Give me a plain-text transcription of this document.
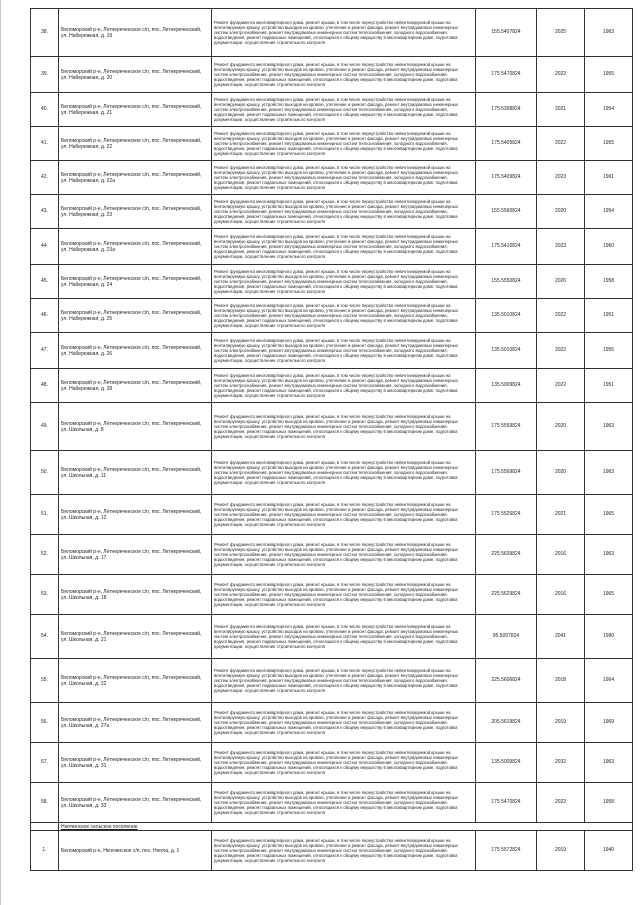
38.	Беломорский р-н, Летнереченское с/п, пос. Летнереченский, ул. Набережная, д. 19	Ремонт фундамента многоквартирного дома, ремонт крыши, в том числе переустройство невентилируемой крыши на вентилируемую крышу, устройство выходов на кровлю, утепление и ремонт фасада, ремонт внутридомовых инженерных систем электроснабжения, ремонт внутридомовых инженерных систем теплоснабжения, холодного водоснабжения, водоотведения, ремонт подвальных помещений, относящихся к общему имуществу в многоквартирном доме, подготовка документации, осуществление строительного контроля	155.5407824	2025	1963
39.	Беломорский р-н, Летнереченское с/п, пос. Летнереченский, ул. Набережная, д. 20	Ремонт фундамента многоквартирного дома, ремонт крыши, в том числе переустройство невентилируемой крыши на вентилируемую крышу, устройство выходов на кровлю, утепление и ремонт фасада, ремонт внутридомовых инженерных систем электроснабжения, ремонт внутридомовых инженерных систем теплоснабжения, холодного водоснабжения, водоотведения, ремонт подвальных помещений, относящихся к общему имуществу в многоквартирном доме, подготовка документации, осуществление строительного контроля	175.5470824	2022	1955
40.	Беломорский р-н, Летнереченское с/п, пос. Летнереченский, ул. Набережная, д. 21	Ремонт фундамента многоквартирного дома, ремонт крыши, в том числе переустройство невентилируемой крыши на вентилируемую крышу, устройство выходов на кровлю, утепление и ремонт фасада, ремонт внутридомовых инженерных систем электроснабжения, ремонт внутридомовых инженерных систем теплоснабжения, холодного водоснабжения, водоотведения, ремонт подвальных помещений, относящихся к общему имуществу в многоквартирном доме, подготовка документации, осуществление строительного контроля	175.5398824	2021	1954
41.	Беломорский р-н, Летнереченское с/п, пос. Летнереченский, ул. Набережная, д. 22	Ремонт фундамента многоквартирного дома, ремонт крыши, в том числе переустройство невентилируемой крыши на вентилируемую крышу, устройство выходов на кровлю, утепление и ремонт фасада, ремонт внутридомовых инженерных систем электроснабжения, ремонт внутридомовых инженерных систем теплоснабжения, холодного водоснабжения, водоотведения, ремонт подвальных помещений, относящихся к общему имуществу в многоквартирном доме, подготовка документации, осуществление строительного контроля	175.5405824	2022	1955
42.	Беломорский р-н, Летнереченское с/п, пос. Летнереченский, ул. Набережная, д. 22а	Ремонт фундамента многоквартирного дома, ремонт крыши, в том числе переустройство невентилируемой крыши на вентилируемую крышу, устройство выходов на кровлю, утепление и ремонт фасада, ремонт внутридомовых инженерных систем электроснабжения, ремонт внутридомовых инженерных систем теплоснабжения, холодного водоснабжения, водоотведения, ремонт подвальных помещений, относящихся к общему имуществу в многоквартирном доме, подготовка документации, осуществление строительного контроля	175.5409824	2023	1961
43.	Беломорский р-н, Летнереченское с/п, пос. Летнереченский, ул. Набережная, д. 23	Ремонт фундамента многоквартирного дома, ремонт крыши, в том числе переустройство невентилируемой крыши на вентилируемую крышу, устройство выходов на кровлю, утепление и ремонт фасада, ремонт внутридомовых инженерных систем электроснабжения, ремонт внутридомовых инженерных систем теплоснабжения, холодного водоснабжения, водоотведения, ремонт подвальных помещений, относящихся к общему имуществу в многоквартирном доме, подготовка документации, осуществление строительного контроля	155.5560824	2020	1954
44.	Беломорский р-н, Летнереченское с/п, пос. Летнереченский, ул. Набережная, д. 23а	Ремонт фундамента многоквартирного дома, ремонт крыши, в том числе переустройство невентилируемой крыши на вентилируемую крышу, устройство выходов на кровлю, утепление и ремонт фасада, ремонт внутридомовых инженерных систем электроснабжения, ремонт внутридомовых инженерных систем теплоснабжения, холодного водоснабжения, водоотведения, ремонт подвальных помещений, относящихся к общему имуществу в многоквартирном доме, подготовка документации, осуществление строительного контроля	175.5410824	2023	1960
45.	Беломорский р-н, Летнереченское с/п, пос. Летнереченский, ул. Набережная, д. 24	Ремонт фундамента многоквартирного дома, ремонт крыши, в том числе переустройство невентилируемой крыши на вентилируемую крышу, устройство выходов на кровлю, утепление и ремонт фасада, ремонт внутридомовых инженерных систем электроснабжения, ремонт внутридомовых инженерных систем теплоснабжения, холодного водоснабжения, водоотведения, ремонт подвальных помещений, относящихся к общему имуществу в многоквартирном доме, подготовка документации, осуществление строительного контроля	155.5550824	2026	1958
46.	Беломорский р-н, Летнереченское с/п, пос. Летнереченский, ул. Набережная, д. 25	Ремонт фундамента многоквартирного дома, ремонт крыши, в том числе переустройство невентилируемой крыши на вентилируемую крышу, устройство выходов на кровлю, утепление и ремонт фасада, ремонт внутридомовых инженерных систем электроснабжения, ремонт внутридомовых инженерных систем теплоснабжения, холодного водоснабжения, водоотведения, ремонт подвальных помещений, относящихся к общему имуществу в многоквартирном доме, подготовка документации, осуществление строительного контроля	135.5010824	2022	1951
47.	Беломорский р-н, Летнереченское с/п, пос. Летнереченский, ул. Набережная, д. 26	Ремонт фундамента многоквартирного дома, ремонт крыши, в том числе переустройство невентилируемой крыши на вентилируемую крышу, устройство выходов на кровлю, утепление и ремонт фасада, ремонт внутридомовых инженерных систем электроснабжения, ремонт внутридомовых инженерных систем теплоснабжения, холодного водоснабжения, водоотведения, ремонт подвальных помещений, относящихся к общему имуществу в многоквартирном доме, подготовка документации, осуществление строительного контроля	135.5010824	2022	1955
48.	Беломорский р-н, Летнереченское с/п, пос. Летнереченский, ул. Набережная, д. 28	Ремонт фундамента многоквартирного дома, ремонт крыши, в том числе переустройство невентилируемой крыши на вентилируемую крышу, устройство выходов на кровлю, утепление и ремонт фасада, ремонт внутридомовых инженерных систем электроснабжения, ремонт внутридомовых инженерных систем теплоснабжения, холодного водоснабжения, водоотведения, ремонт подвальных помещений, относящихся к общему имуществу в многоквартирном доме, подготовка документации, осуществление строительного контроля	135.5009824	2022	1951
49.	Беломорский р-н, Летнереченское с/п, пос. Летнереченский, ул. Школьная, д. 8	Ремонт фундамента многоквартирного дома, ремонт крыши, в том числе переустройство невентилируемой крыши на вентилируемую крышу, устройство выходов на кровлю, утепление и ремонт фасада, ремонт внутридомовых инженерных систем электроснабжения, ремонт внутридомовых инженерных систем теплоснабжения, холодного водоснабжения, водоотведения, ремонт подвальных помещений, относящихся к общему имуществу в многоквартирном доме, подготовка документации, осуществление строительного контроля	175.5559824	2020	1963
50.	Беломорский р-н, Летнереченское с/п, пос. Летнереченский, ул. Школьная, д. 11	Ремонт фундамента многоквартирного дома, ремонт крыши, в том числе переустройство невентилируемой крыши на вентилируемую крышу, устройство выходов на кровлю, утепление и ремонт фасада, ремонт внутридомовых инженерных систем электроснабжения, ремонт внутридомовых инженерных систем теплоснабжения, холодного водоснабжения, водоотведения, ремонт подвальных помещений, относящихся к общему имуществу в многоквартирном доме, подготовка документации, осуществление строительного контроля	175.5569824	2020	1963
51.	Беломорский р-н, Летнереченское с/п, пос. Летнереченский, ул. Школьная, д. 12	Ремонт фундамента многоквартирного дома, ремонт крыши, в том числе переустройство невентилируемой крыши на вентилируемую крышу, устройство выходов на кровлю, утепление и ремонт фасада, ремонт внутридомовых инженерных систем электроснабжения, ремонт внутридомовых инженерных систем теплоснабжения, холодного водоснабжения, водоотведения, ремонт подвальных помещений, относящихся к общему имуществу в многоквартирном доме, подготовка документации, осуществление строительного контроля	175.5526824	2021	1965
52.	Беломорский р-н, Летнереченское с/п, пос. Летнереченский, ул. Школьная, д. 17	Ремонт фундамента многоквартирного дома, ремонт крыши, в том числе переустройство невентилируемой крыши на вентилируемую крышу, устройство выходов на кровлю, утепление и ремонт фасада, ремонт внутридомовых инженерных систем электроснабжения, ремонт внутридомовых инженерных систем теплоснабжения, холодного водоснабжения, водоотведения, ремонт подвальных помещений, относящихся к общему имуществу в многоквартирном доме, подготовка документации, осуществление строительного контроля	225.5639824	2016	1963
53.	Беломорский р-н, Летнереченское с/п, пос. Летнереченский, ул. Школьная, д. 18	Ремонт фундамента многоквартирного дома, ремонт крыши, в том числе переустройство невентилируемой крыши на вентилируемую крышу, устройство выходов на кровлю, утепление и ремонт фасада, ремонт внутридомовых инженерных систем электроснабжения, ремонт внутридомовых инженерных систем теплоснабжения, холодного водоснабжения, водоотведения, ремонт подвальных помещений, относящихся к общему имуществу в многоквартирном доме, подготовка документации, осуществление строительного контроля	225.5629824	2016	1965
54.	Беломорский р-н, Летнереченское с/п, пос. Летнереченский, ул. Школьная, д. 21	Ремонт фундамента многоквартирного дома, ремонт крыши, в том числе переустройство невентилируемой крыши на вентилируемую крышу, устройство выходов на кровлю, утепление и ремонт фасада, ремонт внутридомовых инженерных систем электроснабжения, ремонт внутридомовых инженерных систем теплоснабжения, холодного водоснабжения, водоотведения, ремонт подвальных помещений, относящихся к общему имуществу в многоквартирном доме, подготовка документации, осуществление строительного контроля	95.5097824	2041	1990
55.	Беломорский р-н, Летнереченское с/п, пос. Летнереченский, ул. Школьная, д. 22	Ремонт фундамента многоквартирного дома, ремонт крыши, в том числе переустройство невентилируемой крыши на вентилируемую крышу, устройство выходов на кровлю, утепление и ремонт фасада, ремонт внутридомовых инженерных систем электроснабжения, ремонт внутридомовых инженерных систем теплоснабжения, холодного водоснабжения, водоотведения, ремонт подвальных помещений, относящихся к общему имуществу в многоквартирном доме, подготовка документации, осуществление строительного контроля	225.5606824	2018	1964
56.	Беломорский р-н, Летнереченское с/п, пос. Летнереченский, ул. Школьная, д. 27а	Ремонт фундамента многоквартирного дома, ремонт крыши, в том числе переустройство невентилируемой крыши на вентилируемую крышу, устройство выходов на кровлю, утепление и ремонт фасада, ремонт внутридомовых инженерных систем электроснабжения, ремонт внутридомовых инженерных систем теплоснабжения, холодного водоснабжения, водоотведения, ремонт подвальных помещений, относящихся к общему имуществу в многоквартирном доме, подготовка документации, осуществление строительного контроля	205.5619824	2019	1969
57.	Беломорский р-н, Летнереченское с/п, пос. Летнереченский, ул. Школьная, д. 31	Ремонт фундамента многоквартирного дома, ремонт крыши, в том числе переустройство невентилируемой крыши на вентилируемую крышу, устройство выходов на кровлю, утепление и ремонт фасада, ремонт внутридомовых инженерных систем электроснабжения, ремонт внутридомовых инженерных систем теплоснабжения, холодного водоснабжения, водоотведения, ремонт подвальных помещений, относящихся к общему имуществу в многоквартирном доме, подготовка документации, осуществление строительного контроля	135.5009824	2032	1963
58.	Беломорский р-н, Летнереченское с/п, пос. Летнереченский, ул. Школьная, д. 33	Ремонт фундамента многоквартирного дома, ремонт крыши, в том числе переустройство невентилируемой крыши на вентилируемую крышу, устройство выходов на кровлю, утепление и ремонт фасада, ремонт внутридомовых инженерных систем электроснабжения, ремонт внутридомовых инженерных систем теплоснабжения, холодного водоснабжения, водоотведения, ремонт подвальных помещений, относящихся к общему имуществу в многоквартирном доме, подготовка документации, осуществление строительного контроля	175.5470824	2022	1958
	Нюхчинское сельское поселение				
1.	Беломорский р-н, Нюхчинское с/п, пос. Нюхча, д. 1	Ремонт фундамента многоквартирного дома, ремонт крыши, в том числе переустройство невентилируемой крыши на вентилируемую крышу, устройство выходов на кровлю, утепление и ремонт фасада, ремонт внутридомовых инженерных систем электроснабжения, ремонт внутридомовых инженерных систем теплоснабжения, холодного водоснабжения, водоотведения, ремонт подвальных помещений, относящихся к общему имуществу в многоквартирном доме, подготовка документации, осуществление строительного контроля	175.5572824	2019	1940
